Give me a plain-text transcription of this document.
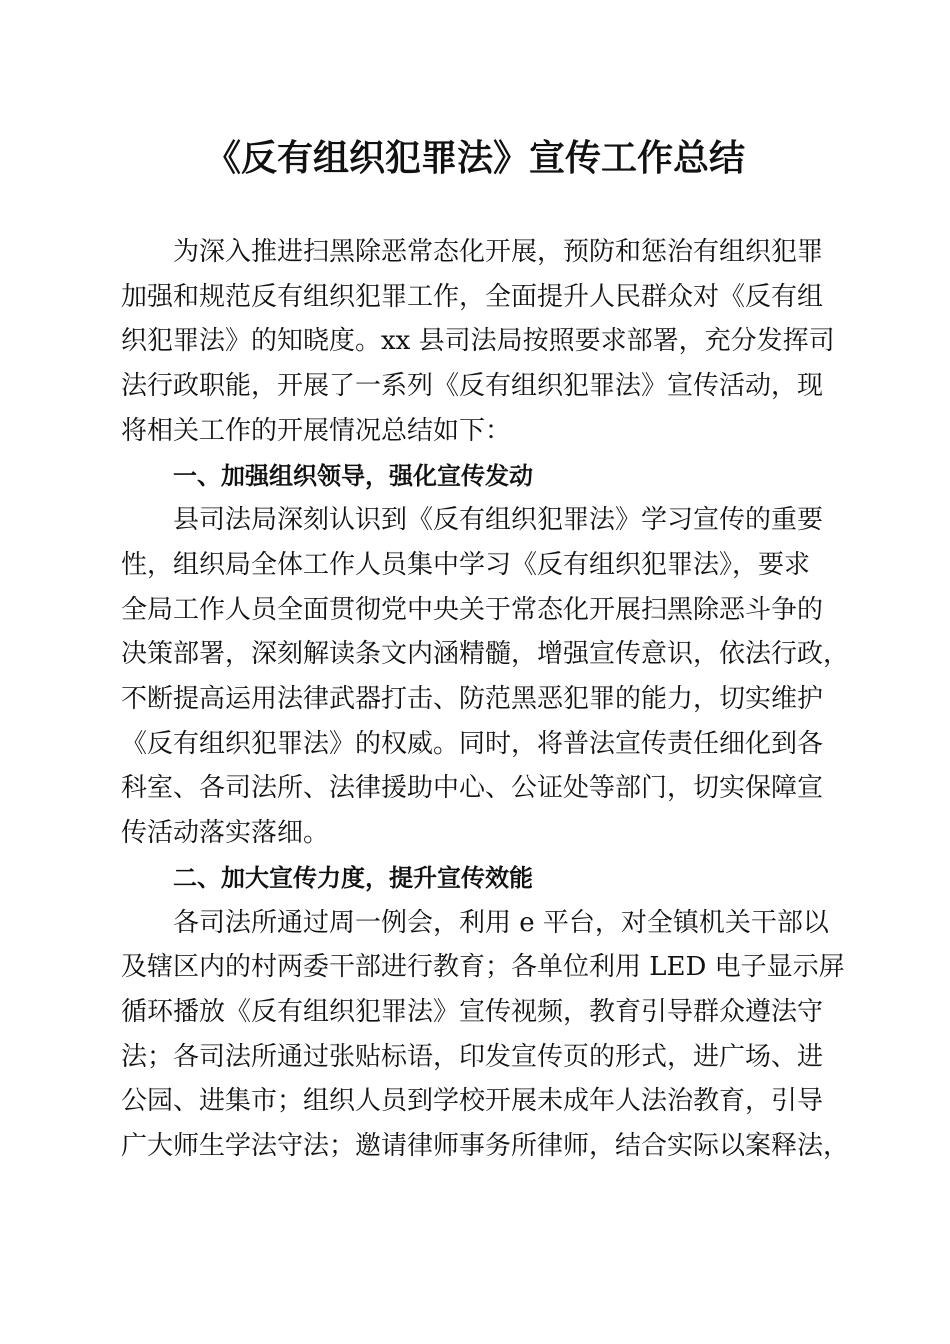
《反有组织犯罪法》宣传工作总结

为深入推进扫黑除恶常态化开展，预防和惩治有组织犯罪
加强和规范反有组织犯罪工作，全面提升人民群众对《反有组
织犯罪法》的知晓度。xx 县司法局按照要求部署，充分发挥司
法行政职能，开展了一系列《反有组织犯罪法》宣传活动，现
将相关工作的开展情况总结如下：

一、加强组织领导，强化宣传发动

县司法局深刻认识到《反有组织犯罪法》学习宣传的重要
性，组织局全体工作人员集中学习《反有组织犯罪法》，要求
全局工作人员全面贯彻党中央关于常态化开展扫黑除恶斗争的
决策部署，深刻解读条文内涵精髓，增强宣传意识，依法行政，
不断提高运用法律武器打击、防范黑恶犯罪的能力，切实维护
《反有组织犯罪法》的权威。同时，将普法宣传责任细化到各
科室、各司法所、法律援助中心、公证处等部门，切实保障宣
传活动落实落细。

二、加大宣传力度，提升宣传效能

各司法所通过周一例会，利用 e 平台，对全镇机关干部以
及辖区内的村两委干部进行教育；各单位利用 LED 电子显示屏
循环播放《反有组织犯罪法》宣传视频，教育引导群众遵法守
法；各司法所通过张贴标语，印发宣传页的形式，进广场、进
公园、进集市；组织人员到学校开展未成年人法治教育，引导
广大师生学法守法；邀请律师事务所律师，结合实际以案释法，
